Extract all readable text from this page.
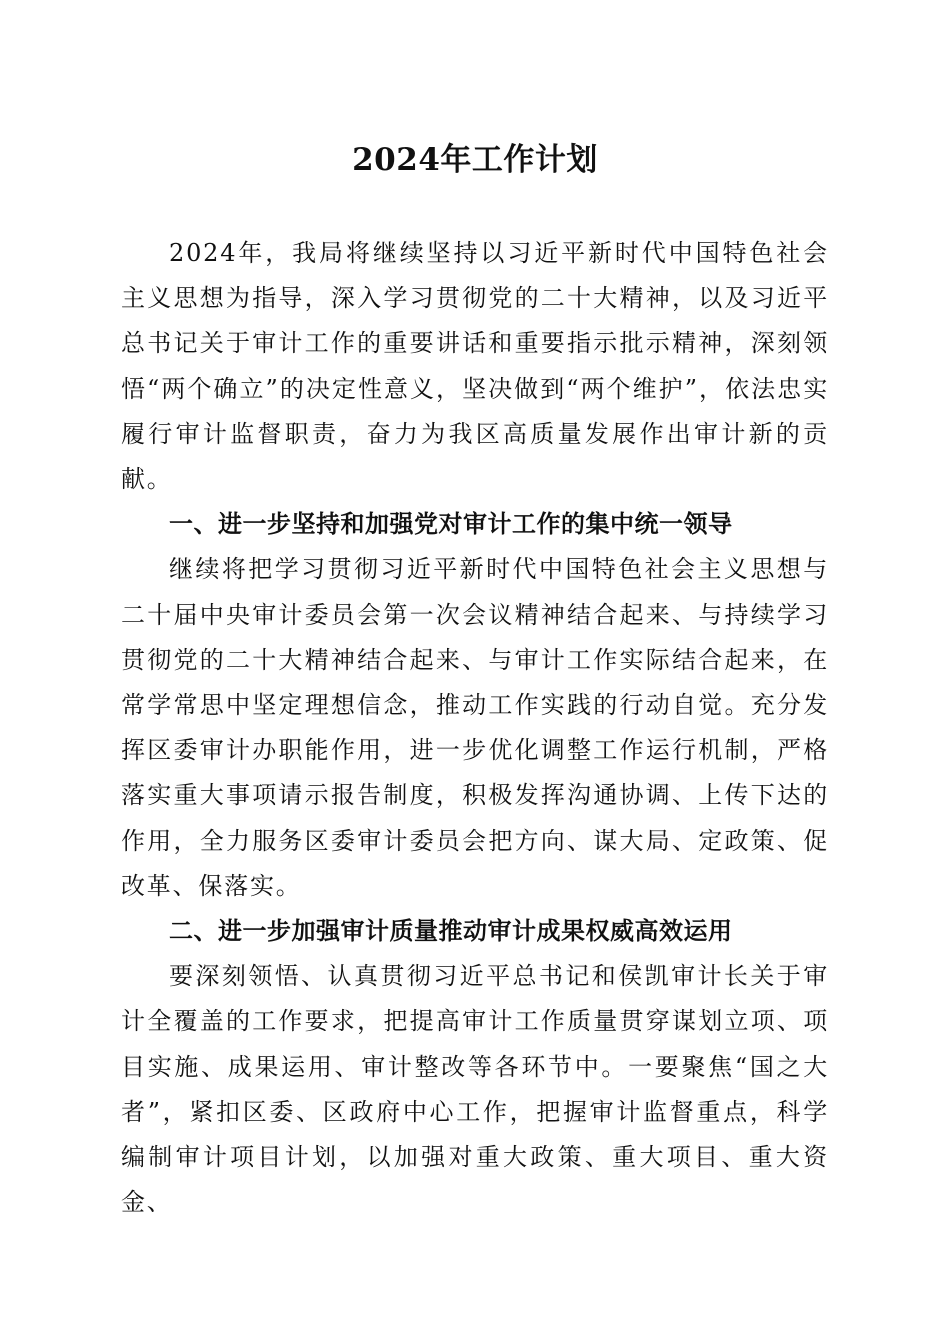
2024年工作计划

2024年，我局将继续坚持以习近平新时代中国特色社会主义思想为指导，深入学习贯彻党的二十大精神，以及习近平总书记关于审计工作的重要讲话和重要指示批示精神，深刻领悟“两个确立”的决定性意义，坚决做到“两个维护”，依法忠实履行审计监督职责，奋力为我区高质量发展作出审计新的贡献。

一、进一步坚持和加强党对审计工作的集中统一领导

继续将把学习贯彻习近平新时代中国特色社会主义思想与二十届中央审计委员会第一次会议精神结合起来、与持续学习贯彻党的二十大精神结合起来、与审计工作实际结合起来，在常学常思中坚定理想信念，推动工作实践的行动自觉。充分发挥区委审计办职能作用，进一步优化调整工作运行机制，严格落实重大事项请示报告制度，积极发挥沟通协调、上传下达的作用，全力服务区委审计委员会把方向、谋大局、定政策、促改革、保落实。

二、进一步加强审计质量推动审计成果权威高效运用

要深刻领悟、认真贯彻习近平总书记和侯凯审计长关于审计全覆盖的工作要求，把提高审计工作质量贯穿谋划立项、项目实施、成果运用、审计整改等各环节中。一要聚焦“国之大者”，紧扣区委、区政府中心工作，把握审计监督重点，科学编制审计项目计划，以加强对重大政策、重大项目、重大资金、
